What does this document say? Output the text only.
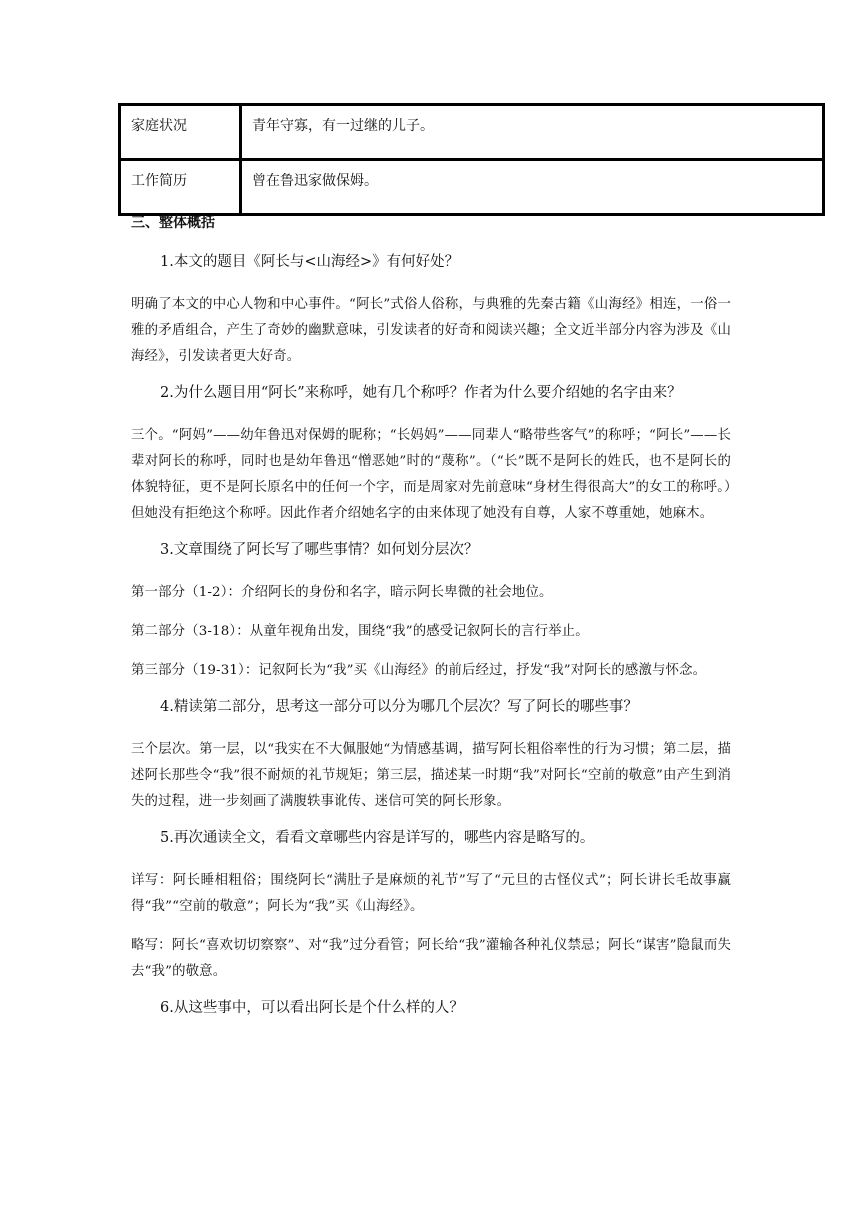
家庭状况	青年守寡，有一过继的儿子。
工作简历	曾在鲁迅家做保姆。
三、整体概括
1.本文的题目《阿长与<山海经>》有何好处？
明确了本文的中心人物和中心事件。“阿长”式俗人俗称，与典雅的先秦古籍《山海经》相连，一俗一雅的矛盾组合，产生了奇妙的幽默意味，引发读者的好奇和阅读兴趣；全文近半部分内容为涉及《山海经》，引发读者更大好奇。
2.为什么题目用“阿长”来称呼，她有几个称呼？作者为什么要介绍她的名字由来？
三个。“阿妈”——幼年鲁迅对保姆的昵称；“长妈妈”——同辈人“略带些客气”的称呼；“阿长”——长辈对阿长的称呼，同时也是幼年鲁迅“憎恶她”时的“蔑称”。（“长”既不是阿长的姓氏，也不是阿长的体貌特征，更不是阿长原名中的任何一个字，而是周家对先前意味“身材生得很高大”的女工的称呼。）但她没有拒绝这个称呼。因此作者介绍她名字的由来体现了她没有自尊，人家不尊重她，她麻木。
3.文章围绕了阿长写了哪些事情？如何划分层次？
第一部分（1-2）：介绍阿长的身份和名字，暗示阿长卑微的社会地位。
第二部分（3-18）：从童年视角出发，围绕“我”的感受记叙阿长的言行举止。
第三部分（19-31）：记叙阿长为“我”买《山海经》的前后经过，抒发“我”对阿长的感激与怀念。
4.精读第二部分，思考这一部分可以分为哪几个层次？写了阿长的哪些事？
三个层次。第一层，以“我实在不大佩服她“为情感基调，描写阿长粗俗率性的行为习惯；第二层，描述阿长那些令“我”很不耐烦的礼节规矩；第三层，描述某一时期“我”对阿长“空前的敬意”由产生到消失的过程，进一步刻画了满腹轶事讹传、迷信可笑的阿长形象。
5.再次通读全文，看看文章哪些内容是详写的，哪些内容是略写的。
详写：阿长睡相粗俗；围绕阿长“满肚子是麻烦的礼节”写了“元旦的古怪仪式”；阿长讲长毛故事赢得“我”“空前的敬意”；阿长为“我”买《山海经》。
略写：阿长“喜欢切切察察”、对“我”过分看管；阿长给“我”灌输各种礼仪禁忌；阿长“谋害”隐鼠而失去“我”的敬意。
6.从这些事中，可以看出阿长是个什么样的人？
